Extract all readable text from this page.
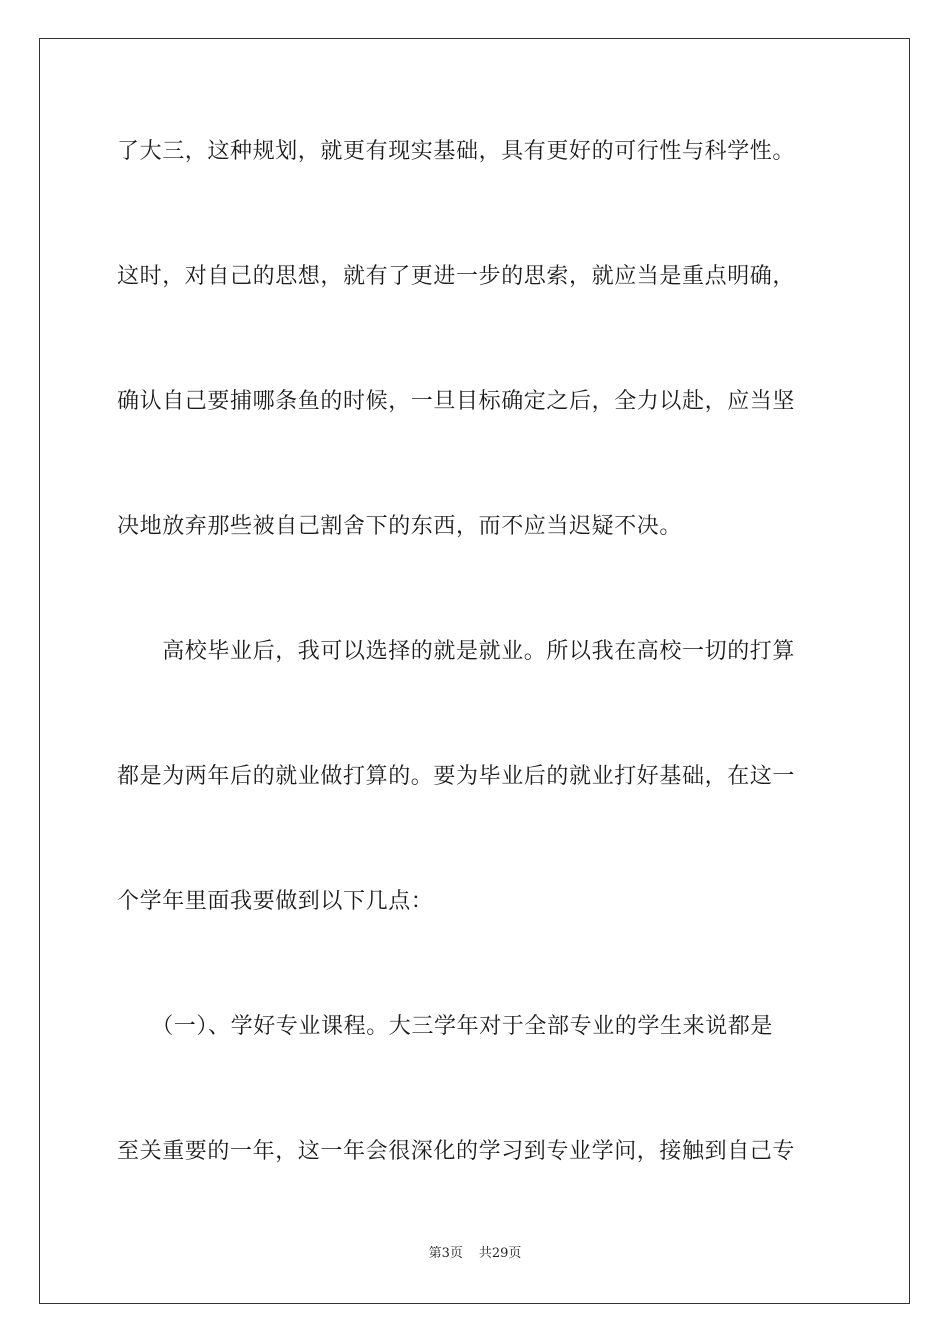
了大三，这种规划，就更有现实基础，具有更好的可行性与科学性。
这时，对自己的思想，就有了更进一步的思索，就应当是重点明确，
确认自己要捕哪条鱼的时候，一旦目标确定之后，全力以赴，应当坚
决地放弃那些被自己割舍下的东西，而不应当迟疑不决。
　　高校毕业后，我可以选择的就是就业。所以我在高校一切的打算
都是为两年后的就业做打算的。要为毕业后的就业打好基础，在这一
个学年里面我要做到以下几点：
　　（一）、学好专业课程。大三学年对于全部专业的学生来说都是
至关重要的一年，这一年会很深化的学习到专业学问，接触到自己专
第3页 共29页
